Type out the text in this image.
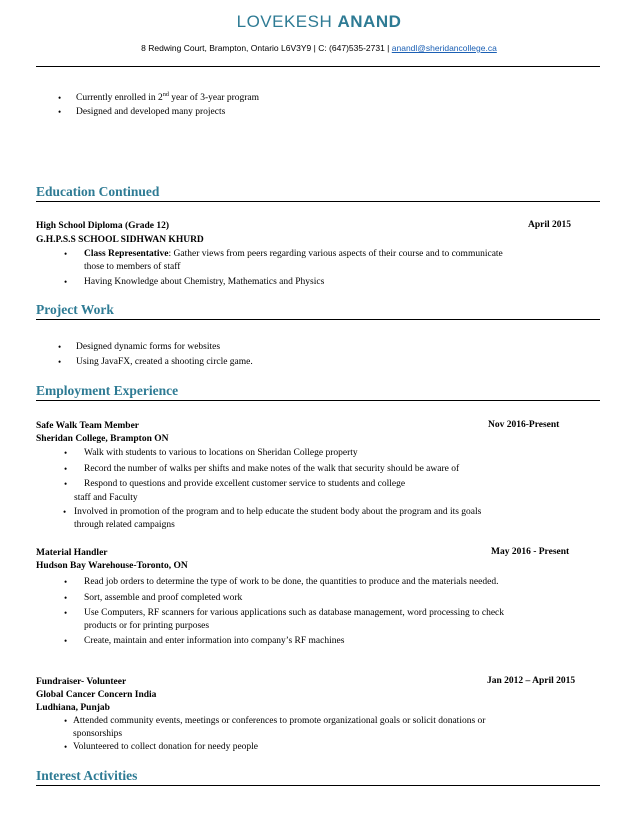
LOVEKESH ANAND
8 Redwing Court, Brampton, Ontario L6V3Y9 | C: (647)535-2731 | anandl@sheridancollege.ca
• Currently enrolled in 2nd year of 3-year program
• Designed and developed many projects
Education Continued
High School Diploma (Grade 12)	April 2015
G.H.P.S.S SCHOOL SIDHWAN KHURD
• Class Representative: Gather views from peers regarding various aspects of their course and to communicate
those to members of staff
• Having Knowledge about Chemistry, Mathematics and Physics
Project Work
• Designed dynamic forms for websites
• Using JavaFX, created a shooting circle game.
Employment Experience
Safe Walk Team Member	Nov 2016-Present
Sheridan College, Brampton ON
• Walk with students to various to locations on Sheridan College property
• Record the number of walks per shifts and make notes of the walk that security should be aware of
• Respond to questions and provide excellent customer service to students and college
staff and Faculty
• Involved in promotion of the program and to help educate the student body about the program and its goals
through related campaigns
Material Handler	May 2016 - Present
Hudson Bay Warehouse-Toronto, ON
• Read job orders to determine the type of work to be done, the quantities to produce and the materials needed.
• Sort, assemble and proof completed work
• Use Computers, RF scanners for various applications such as database management, word processing to check
products or for printing purposes
• Create, maintain and enter information into company’s RF machines
Fundraiser- Volunteer	Jan 2012 – April 2015
Global Cancer Concern India
Ludhiana, Punjab
• Attended community events, meetings or conferences to promote organizational goals or solicit donations or
sponsorships
• Volunteered to collect donation for needy people
Interest Activities
